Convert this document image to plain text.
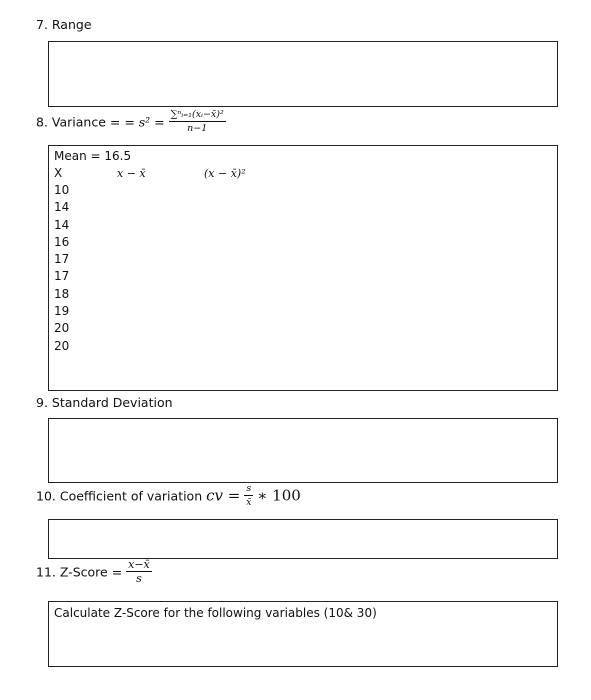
7. Range
8. Variance = = $s^2 = \frac{\text{∑ⁿᵢ₌₁(xᵢ−x̄)²}}{n-1}$
Mean = 16.5
X	x − x̄	(x − x̄)²
10
14
14
16
17
17
18
19
20
20
9. Standard Deviation
10. Coefficient of variation cv = $\frac{s}{x̄}$ ∗ 100
11. Z-Score = $\frac{x-x̄}{s}$
Calculate Z-Score for the following variables (10& 30)
